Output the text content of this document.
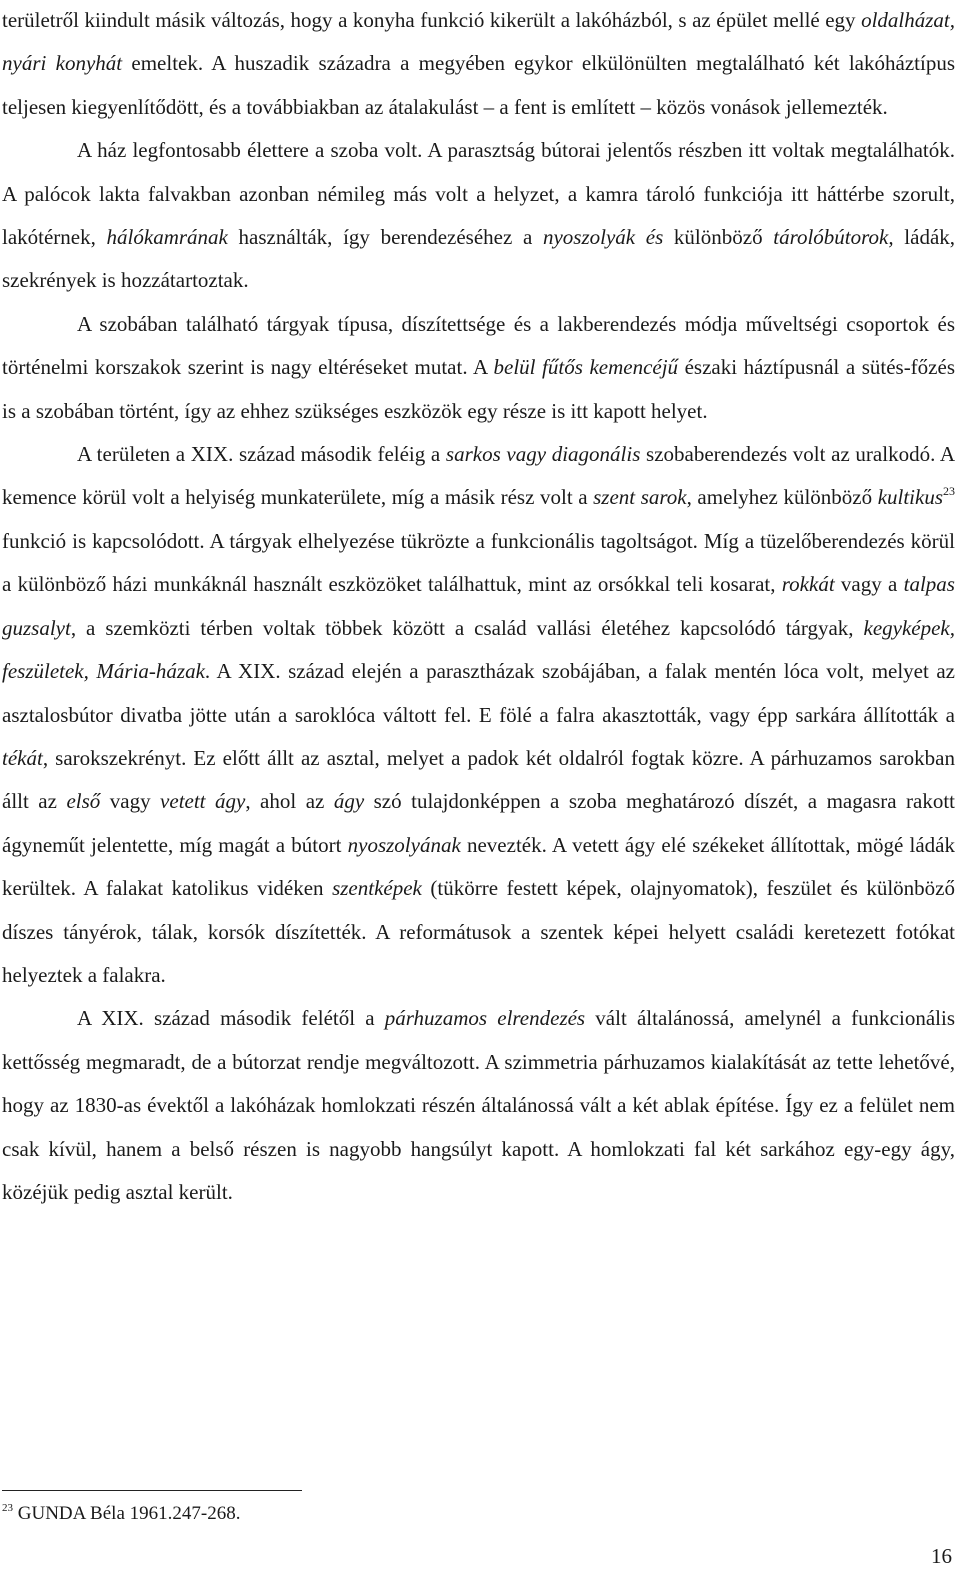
területről kiindult másik változás, hogy a konyha funkció kikerült a lakóházból, s az épület mellé egy oldalházat, nyári konyhát emeltek. A huszadik századra a megyében egykor elkülönülten megtalálható két lakóháztípus teljesen kiegyenlítődött, és a továbbiakban az átalakulást – a fent is említett – közös vonások jellemezték.

A ház legfontosabb élettere a szoba volt. A parasztság bútorai jelentős részben itt voltak megtalálhatók. A palócok lakta falvakban azonban némileg más volt a helyzet, a kamra tároló funkciója itt háttérbe szorult, lakótérnek, hálókamrának használták, így berendezéséhez a nyoszolyák és különböző tárolóbútorok, ládák, szekrények is hozzátartoztak.

A szobában található tárgyak típusa, díszítettsége és a lakberendezés módja műveltségi csoportok és történelmi korszakok szerint is nagy eltéréseket mutat. A belül fűtős kemencéjű északi háztípusnál a sütés-főzés is a szobában történt, így az ehhez szükséges eszközök egy része is itt kapott helyet.

A területen a XIX. század második feléig a sarkos vagy diagonális szobaberendezés volt az uralkodó. A kemence körül volt a helyiség munkaterülete, míg a másik rész volt a szent sarok, amelyhez különböző kultikus$^{23}$ funkció is kapcsolódott. A tárgyak elhelyezése tükrözte a funkcionális tagoltságot. Míg a tüzelőberendezés körül a különböző házi munkáknál használt eszközöket találhattuk, mint az orsókkal teli kosarat, rokkát vagy a talpas guzsalyt, a szemközti térben voltak többek között a család vallási életéhez kapcsolódó tárgyak, kegyképek, feszületek, Mária-házak. A XIX. század elején a parasztházak szobájában, a falak mentén lóca volt, melyet az asztalosbútor divatba jötte után a saroklóca váltott fel. E fölé a falra akasztották, vagy épp sarkára állították a tékát, sarokszekrényt. Ez előtt állt az asztal, melyet a padok két oldalról fogtak közre. A párhuzamos sarokban állt az első vagy vetett ágy, ahol az ágy szó tulajdonképpen a szoba meghatározó díszét, a magasra rakott ágyneműt jelentette, míg magát a bútort nyoszolyának nevezték. A vetett ágy elé székeket állítottak, mögé ládák kerültek. A falakat katolikus vidéken szentképek (tükörre festett képek, olajnyomatok), feszület és különböző díszes tányérok, tálak, korsók díszítették. A reformátusok a szentek képei helyett családi keretezett fotókat helyeztek a falakra.

A XIX. század második felétől a párhuzamos elrendezés vált általánossá, amelynél a funkcionális kettősség megmaradt, de a bútorzat rendje megváltozott. A szimmetria párhuzamos kialakítását az tette lehetővé, hogy az 1830-as évektől a lakóházak homlokzati részén általánossá vált a két ablak építése. Így ez a felület nem csak kívül, hanem a belső részen is nagyobb hangsúlyt kapott. A homlokzati fal két sarkához egy-egy ágy, közéjük pedig asztal került.

$^{23}$ GUNDA Béla 1961.247-268.
16
